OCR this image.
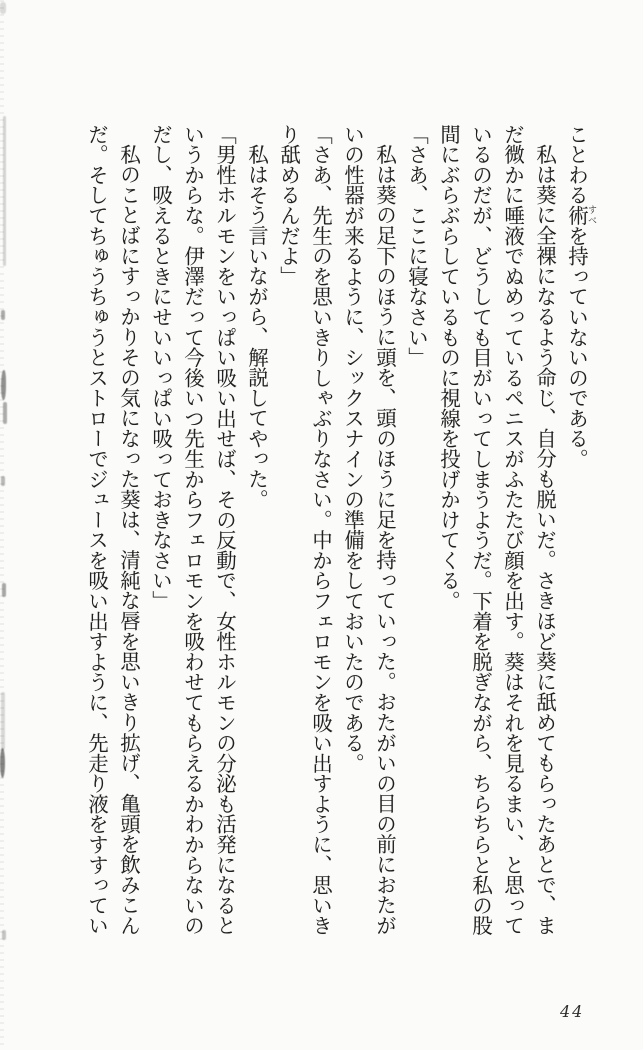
ことわる術 すべを持っていないのである。

私は葵に全裸になるよう命じ、自分も脱いだ。さきほど葵に舐めてもらったあとで、まだ微かに唾液でぬめっているペニスがふたたび顔を出す。葵はそれを見るまい、と思っているのだが、どうしても目がいってしまうようだ。下着を脱ぎながら、ちらちらと私の股間にぶらぶらしているものに視線を投げかけてくる。

「さあ、ここに寝なさい」

私は葵の足下のほうに頭を、頭のほうに足を持っていった。おたがいの目の前におたがいの性器が来るように、シックスナインの準備をしておいたのである。

「さあ、先生のを思いきりしゃぶりなさい。中からフェロモンを吸い出すように、思いきり舐めるんだよ」

私はそう言いながら、解説してやった。

「男性ホルモンをいっぱい吸い出せば、その反動で、女性ホルモンの分泌も活発になるというからな。伊澤だって今後いつ先生からフェロモンを吸わせてもらえるかわからないのだし、吸えるときにせいいっぱい吸っておきなさい」

私のことばにすっかりその気になった葵は、清純な唇を思いきり拡げ、亀頭を飲みこんだ。そしてちゅうちゅうとストローでジュースを吸い出すように、先走り液をすすってい

44
